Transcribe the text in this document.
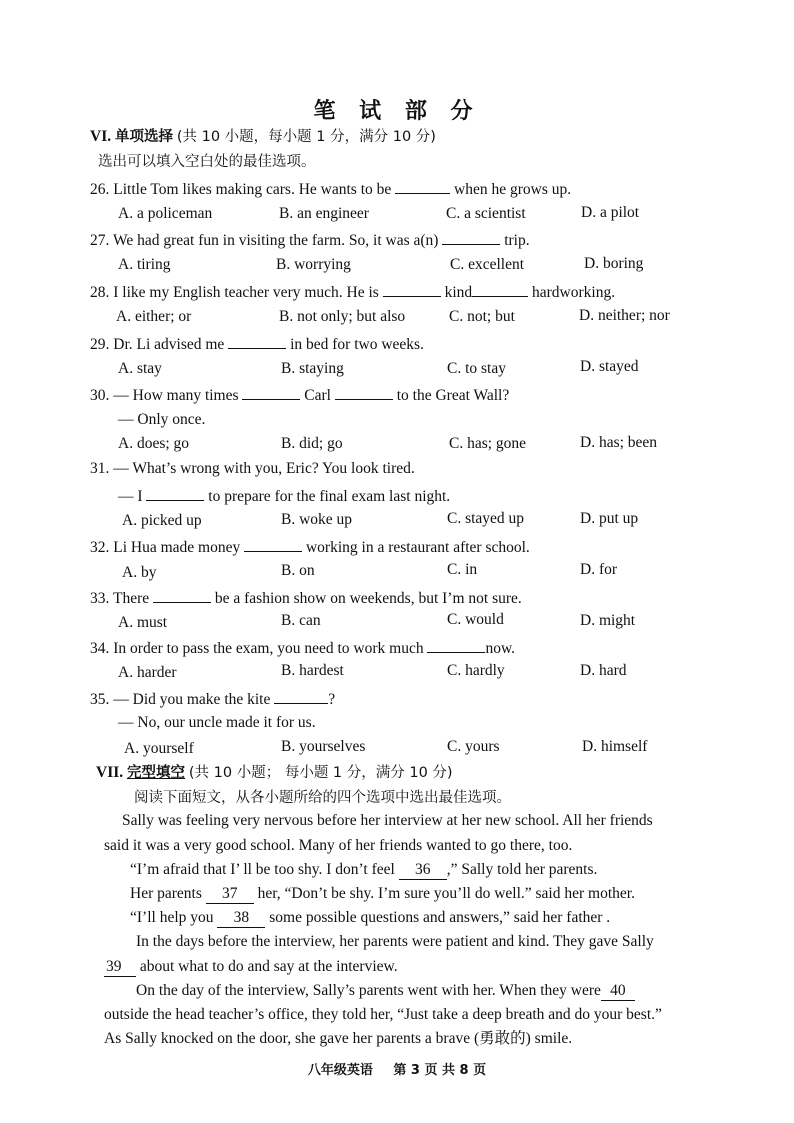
笔 试 部 分
VI. 单项选择 (共 10 小题，每小题 1 分，满分 10 分)
选出可以填入空白处的最佳选项。
26. Little Tom likes making cars. He wants to be	when he grows up.
A. a policeman	B. an engineer	C. a scientist	D. a pilot
27. We had great fun in visiting the farm. So, it was a(n)	trip.
A. tiring	B. worrying	C. excellent	D. boring
28. I like my English teacher very much. He is	kind	hardworking.
A. either; or	B. not only; but also	C. not; but	D. neither; nor
29. Dr. Li advised me	in bed for two weeks.
A. stay	B. staying	C. to stay	D. stayed
30. — How many times	Carl	to the Great Wall?
— Only once.
A. does; go	B. did; go	C. has; gone	D. has; been
31. — What’s wrong with you, Eric? You look tired.
— I	to prepare for the final exam last night.
A. picked up	B. woke up	C. stayed up	D. put up
32. Li Hua made money	working in a restaurant after school.
A. by	B. on	C. in	D. for
33. There	be a fashion show on weekends, but I’m not sure.
A. must	B. can	C. would	D. might
34. In order to pass the exam, you need to work much	now.
A. harder	B. hardest	C. hardly	D. hard
35. — Did you make the kite	?
— No, our uncle made it for us.
A. yourself	B. yourselves	C. yours	D. himself
VII. 完型填空 (共 10 小题； 每小题 1 分，满分 10 分)
阅读下面短文，从各小题所给的四个选项中选出最佳选项。
Sally was feeling very nervous before her interview at her new school. All her friends
said it was a very good school. Many of her friends wanted to go there, too.
“I’m afraid that I’ ll be too shy. I don’t feel 36 ,” Sally told her parents.
Her parents 37 her, “Don’t be shy. I’m sure you’ll do well.” said her mother.
“I’ll help you 38 some possible questions and answers,” said her father .
In the days before the interview, her parents were patient and kind. They gave Sally
39 about what to do and say at the interview.
On the day of the interview, Sally’s parents went with her. When they were 40
outside the head teacher’s office, they told her, “Just take a deep breath and do your best.”
As Sally knocked on the door, she gave her parents a brave (勇敢的) smile.
八年级英语 第 3 页 共 8 页
